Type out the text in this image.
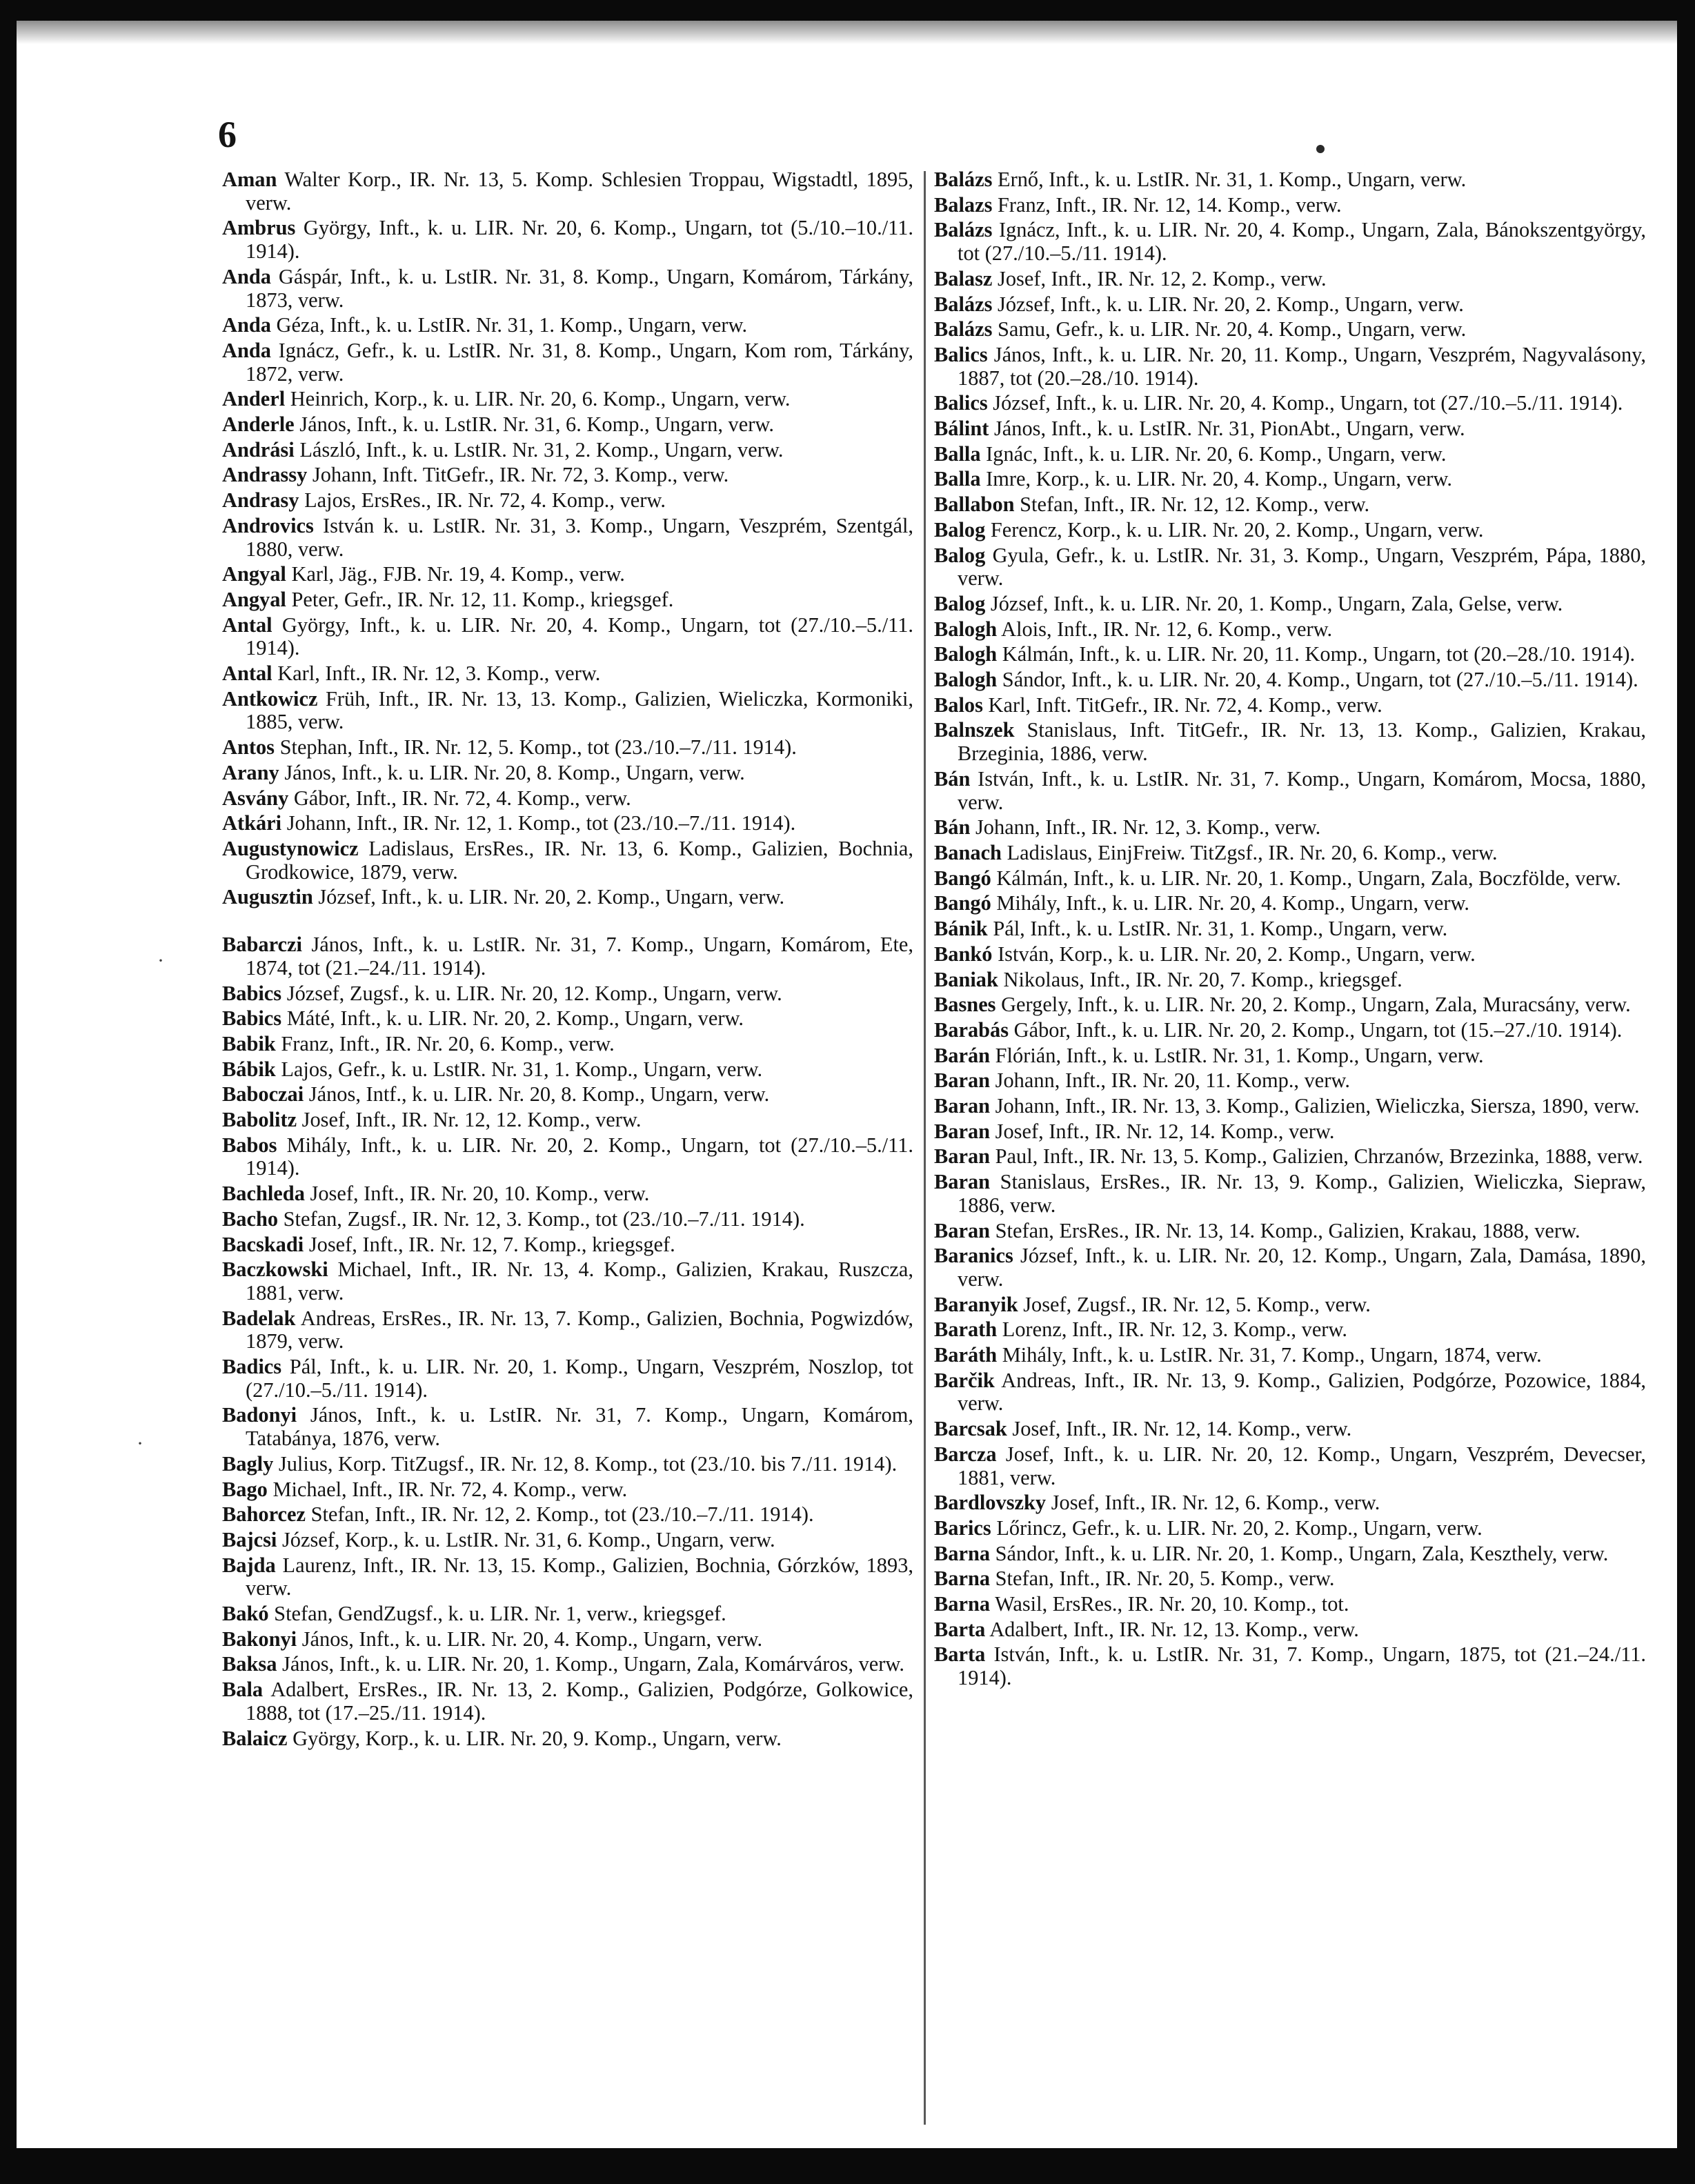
6
·
·
Aman Walter Korp., IR. Nr. 13, 5. Komp. Schlesien Troppau, Wigstadtl, 1895, verw.
Ambrus György, Inft., k. u. LIR. Nr. 20, 6. Komp., Ungarn, tot (5./10.–10./11. 1914).
Anda Gáspár, Inft., k. u. LstIR. Nr. 31, 8. Komp., Ungarn, Komárom, Tárkány, 1873, verw.
Anda Géza, Inft., k. u. LstIR. Nr. 31, 1. Komp., Ungarn, verw.
Anda Ignácz, Gefr., k. u. LstIR. Nr. 31, 8. Komp., Ungarn, Kom rom, Tárkány, 1872, verw.
Anderl Heinrich, Korp., k. u. LIR. Nr. 20, 6. Komp., Ungarn, verw.
Anderle János, Inft., k. u. LstIR. Nr. 31, 6. Komp., Ungarn, verw.
Andrási László, Inft., k. u. LstIR. Nr. 31, 2. Komp., Ungarn, verw.
Andrassy Johann, Inft. TitGefr., IR. Nr. 72, 3. Komp., verw.
Andrasy Lajos, ErsRes., IR. Nr. 72, 4. Komp., verw.
Androvics István k. u. LstIR. Nr. 31, 3. Komp., Ungarn, Veszprém, Szentgál, 1880, verw.
Angyal Karl, Jäg., FJB. Nr. 19, 4. Komp., verw.
Angyal Peter, Gefr., IR. Nr. 12, 11. Komp., kriegsgef.
Antal György, Inft., k. u. LIR. Nr. 20, 4. Komp., Ungarn, tot (27./10.–5./11. 1914).
Antal Karl, Inft., IR. Nr. 12, 3. Komp., verw.
Antkowicz Früh, Inft., IR. Nr. 13, 13. Komp., Galizien, Wieliczka, Kormoniki, 1885, verw.
Antos Stephan, Inft., IR. Nr. 12, 5. Komp., tot (23./10.–7./11. 1914).
Arany János, Inft., k. u. LIR. Nr. 20, 8. Komp., Ungarn, verw.
Asvány Gábor, Inft., IR. Nr. 72, 4. Komp., verw.
Atkári Johann, Inft., IR. Nr. 12, 1. Komp., tot (23./10.–7./11. 1914).
Augustynowicz Ladislaus, ErsRes., IR. Nr. 13, 6. Komp., Galizien, Bochnia, Grodkowice, 1879, verw.
Augusztin József, Inft., k. u. LIR. Nr. 20, 2. Komp., Ungarn, verw.
Babarczi János, Inft., k. u. LstIR. Nr. 31, 7. Komp., Ungarn, Komárom, Ete, 1874, tot (21.–24./11. 1914).
Babics József, Zugsf., k. u. LIR. Nr. 20, 12. Komp., Ungarn, verw.
Babics Máté, Inft., k. u. LIR. Nr. 20, 2. Komp., Ungarn, verw.
Babik Franz, Inft., IR. Nr. 20, 6. Komp., verw.
Bábik Lajos, Gefr., k. u. LstIR. Nr. 31, 1. Komp., Ungarn, verw.
Baboczai János, Intf., k. u. LIR. Nr. 20, 8. Komp., Ungarn, verw.
Babolitz Josef, Inft., IR. Nr. 12, 12. Komp., verw.
Babos Mihály, Inft., k. u. LIR. Nr. 20, 2. Komp., Ungarn, tot (27./10.–5./11. 1914).
Bachleda Josef, Inft., IR. Nr. 20, 10. Komp., verw.
Bacho Stefan, Zugsf., IR. Nr. 12, 3. Komp., tot (23./10.–7./11. 1914).
Bacskadi Josef, Inft., IR. Nr. 12, 7. Komp., kriegsgef.
Baczkowski Michael, Inft., IR. Nr. 13, 4. Komp., Galizien, Krakau, Ruszcza, 1881, verw.
Badelak Andreas, ErsRes., IR. Nr. 13, 7. Komp., Galizien, Bochnia, Pogwizdów, 1879, verw.
Badics Pál, Inft., k. u. LIR. Nr. 20, 1. Komp., Ungarn, Veszprém, Noszlop, tot (27./10.–5./11. 1914).
Badonyi János, Inft., k. u. LstIR. Nr. 31, 7. Komp., Ungarn, Komárom, Tatabánya, 1876, verw.
Bagly Julius, Korp. TitZugsf., IR. Nr. 12, 8. Komp., tot (23./10. bis 7./11. 1914).
Bago Michael, Inft., IR. Nr. 72, 4. Komp., verw.
Bahorcez Stefan, Inft., IR. Nr. 12, 2. Komp., tot (23./10.–7./11. 1914).
Bajcsi József, Korp., k. u. LstIR. Nr. 31, 6. Komp., Ungarn, verw.
Bajda Laurenz, Inft., IR. Nr. 13, 15. Komp., Galizien, Bochnia, Górzków, 1893, verw.
Bakó Stefan, GendZugsf., k. u. LIR. Nr. 1, verw., kriegsgef.
Bakonyi János, Inft., k. u. LIR. Nr. 20, 4. Komp., Ungarn, verw.
Baksa János, Inft., k. u. LIR. Nr. 20, 1. Komp., Ungarn, Zala, Komárváros, verw.
Bala Adalbert, ErsRes., IR. Nr. 13, 2. Komp., Galizien, Podgórze, Golkowice, 1888, tot (17.–25./11. 1914).
Balaicz György, Korp., k. u. LIR. Nr. 20, 9. Komp., Ungarn, verw.
Balázs Ernő, Inft., k. u. LstIR. Nr. 31, 1. Komp., Ungarn, verw.
Balazs Franz, Inft., IR. Nr. 12, 14. Komp., verw.
Balázs Ignácz, Inft., k. u. LIR. Nr. 20, 4. Komp., Ungarn, Zala, Bánokszentgyörgy, tot (27./10.–5./11. 1914).
Balasz Josef, Inft., IR. Nr. 12, 2. Komp., verw.
Balázs József, Inft., k. u. LIR. Nr. 20, 2. Komp., Ungarn, verw.
Balázs Samu, Gefr., k. u. LIR. Nr. 20, 4. Komp., Ungarn, verw.
Balics János, Inft., k. u. LIR. Nr. 20, 11. Komp., Ungarn, Veszprém, Nagyvalásony, 1887, tot (20.–28./10. 1914).
Balics József, Inft., k. u. LIR. Nr. 20, 4. Komp., Ungarn, tot (27./10.–5./11. 1914).
Bálint János, Inft., k. u. LstIR. Nr. 31, PionAbt., Ungarn, verw.
Balla Ignác, Inft., k. u. LIR. Nr. 20, 6. Komp., Ungarn, verw.
Balla Imre, Korp., k. u. LIR. Nr. 20, 4. Komp., Ungarn, verw.
Ballabon Stefan, Inft., IR. Nr. 12, 12. Komp., verw.
Balog Ferencz, Korp., k. u. LIR. Nr. 20, 2. Komp., Ungarn, verw.
Balog Gyula, Gefr., k. u. LstIR. Nr. 31, 3. Komp., Ungarn, Veszprém, Pápa, 1880, verw.
Balog József, Inft., k. u. LIR. Nr. 20, 1. Komp., Ungarn, Zala, Gelse, verw.
Balogh Alois, Inft., IR. Nr. 12, 6. Komp., verw.
Balogh Kálmán, Inft., k. u. LIR. Nr. 20, 11. Komp., Ungarn, tot (20.–28./10. 1914).
Balogh Sándor, Inft., k. u. LIR. Nr. 20, 4. Komp., Ungarn, tot (27./10.–5./11. 1914).
Balos Karl, Inft. TitGefr., IR. Nr. 72, 4. Komp., verw.
Balnszek Stanislaus, Inft. TitGefr., IR. Nr. 13, 13. Komp., Galizien, Krakau, Brzeginia, 1886, verw.
Bán István, Inft., k. u. LstIR. Nr. 31, 7. Komp., Ungarn, Komárom, Mocsa, 1880, verw.
Bán Johann, Inft., IR. Nr. 12, 3. Komp., verw.
Banach Ladislaus, EinjFreiw. TitZgsf., IR. Nr. 20, 6. Komp., verw.
Bangó Kálmán, Inft., k. u. LIR. Nr. 20, 1. Komp., Ungarn, Zala, Boczfölde, verw.
Bangó Mihály, Inft., k. u. LIR. Nr. 20, 4. Komp., Ungarn, verw.
Bánik Pál, Inft., k. u. LstIR. Nr. 31, 1. Komp., Ungarn, verw.
Bankó István, Korp., k. u. LIR. Nr. 20, 2. Komp., Ungarn, verw.
Baniak Nikolaus, Inft., IR. Nr. 20, 7. Komp., kriegsgef.
Basnes Gergely, Inft., k. u. LIR. Nr. 20, 2. Komp., Ungarn, Zala, Muracsány, verw.
Barabás Gábor, Inft., k. u. LIR. Nr. 20, 2. Komp., Ungarn, tot (15.–27./10. 1914).
Barán Flórián, Inft., k. u. LstIR. Nr. 31, 1. Komp., Ungarn, verw.
Baran Johann, Inft., IR. Nr. 20, 11. Komp., verw.
Baran Johann, Inft., IR. Nr. 13, 3. Komp., Galizien, Wieliczka, Siersza, 1890, verw.
Baran Josef, Inft., IR. Nr. 12, 14. Komp., verw.
Baran Paul, Inft., IR. Nr. 13, 5. Komp., Galizien, Chrzanów, Brzezinka, 1888, verw.
Baran Stanislaus, ErsRes., IR. Nr. 13, 9. Komp., Galizien, Wieliczka, Siepraw, 1886, verw.
Baran Stefan, ErsRes., IR. Nr. 13, 14. Komp., Galizien, Krakau, 1888, verw.
Baranics József, Inft., k. u. LIR. Nr. 20, 12. Komp., Ungarn, Zala, Damása, 1890, verw.
Baranyik Josef, Zugsf., IR. Nr. 12, 5. Komp., verw.
Barath Lorenz, Inft., IR. Nr. 12, 3. Komp., verw.
Baráth Mihály, Inft., k. u. LstIR. Nr. 31, 7. Komp., Ungarn, 1874, verw.
Barčik Andreas, Inft., IR. Nr. 13, 9. Komp., Galizien, Podgórze, Pozowice, 1884, verw.
Barcsak Josef, Inft., IR. Nr. 12, 14. Komp., verw.
Barcza Josef, Inft., k. u. LIR. Nr. 20, 12. Komp., Ungarn, Veszprém, Devecser, 1881, verw.
Bardlovszky Josef, Inft., IR. Nr. 12, 6. Komp., verw.
Barics Lőrincz, Gefr., k. u. LIR. Nr. 20, 2. Komp., Ungarn, verw.
Barna Sándor, Inft., k. u. LIR. Nr. 20, 1. Komp., Ungarn, Zala, Keszthely, verw.
Barna Stefan, Inft., IR. Nr. 20, 5. Komp., verw.
Barna Wasil, ErsRes., IR. Nr. 20, 10. Komp., tot.
Barta Adalbert, Inft., IR. Nr. 12, 13. Komp., verw.
Barta István, Inft., k. u. LstIR. Nr. 31, 7. Komp., Ungarn, 1875, tot (21.–24./11. 1914).
